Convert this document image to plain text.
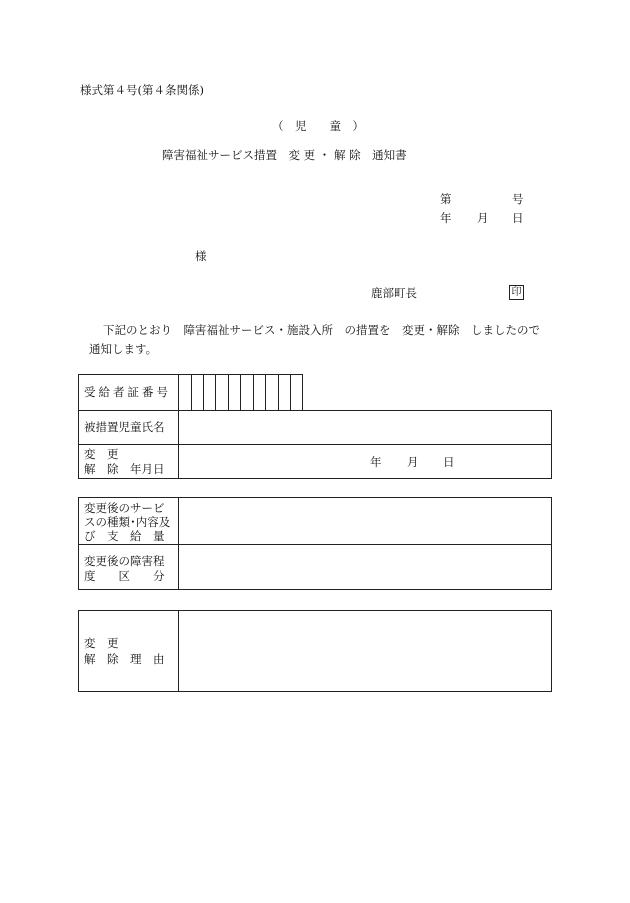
様式第４号(第４条関係)
（　児　　童　）
障害福祉サービス措置　変 更 ・ 解 除　通知書
第	号
年 月 日
様
鹿部町長	印
下記のとおり　障害福祉サービス・施設入所　の措置を　変更・解除　しましたので
通知します。
受給者証番号
被措置児童氏名
変　更
解　除　年月日	年 月 日
変更後のサービ
スの種類･内容及
び　支　給　量
変更後の障害程
度　　区　　分
変　更
解　除　理　由
